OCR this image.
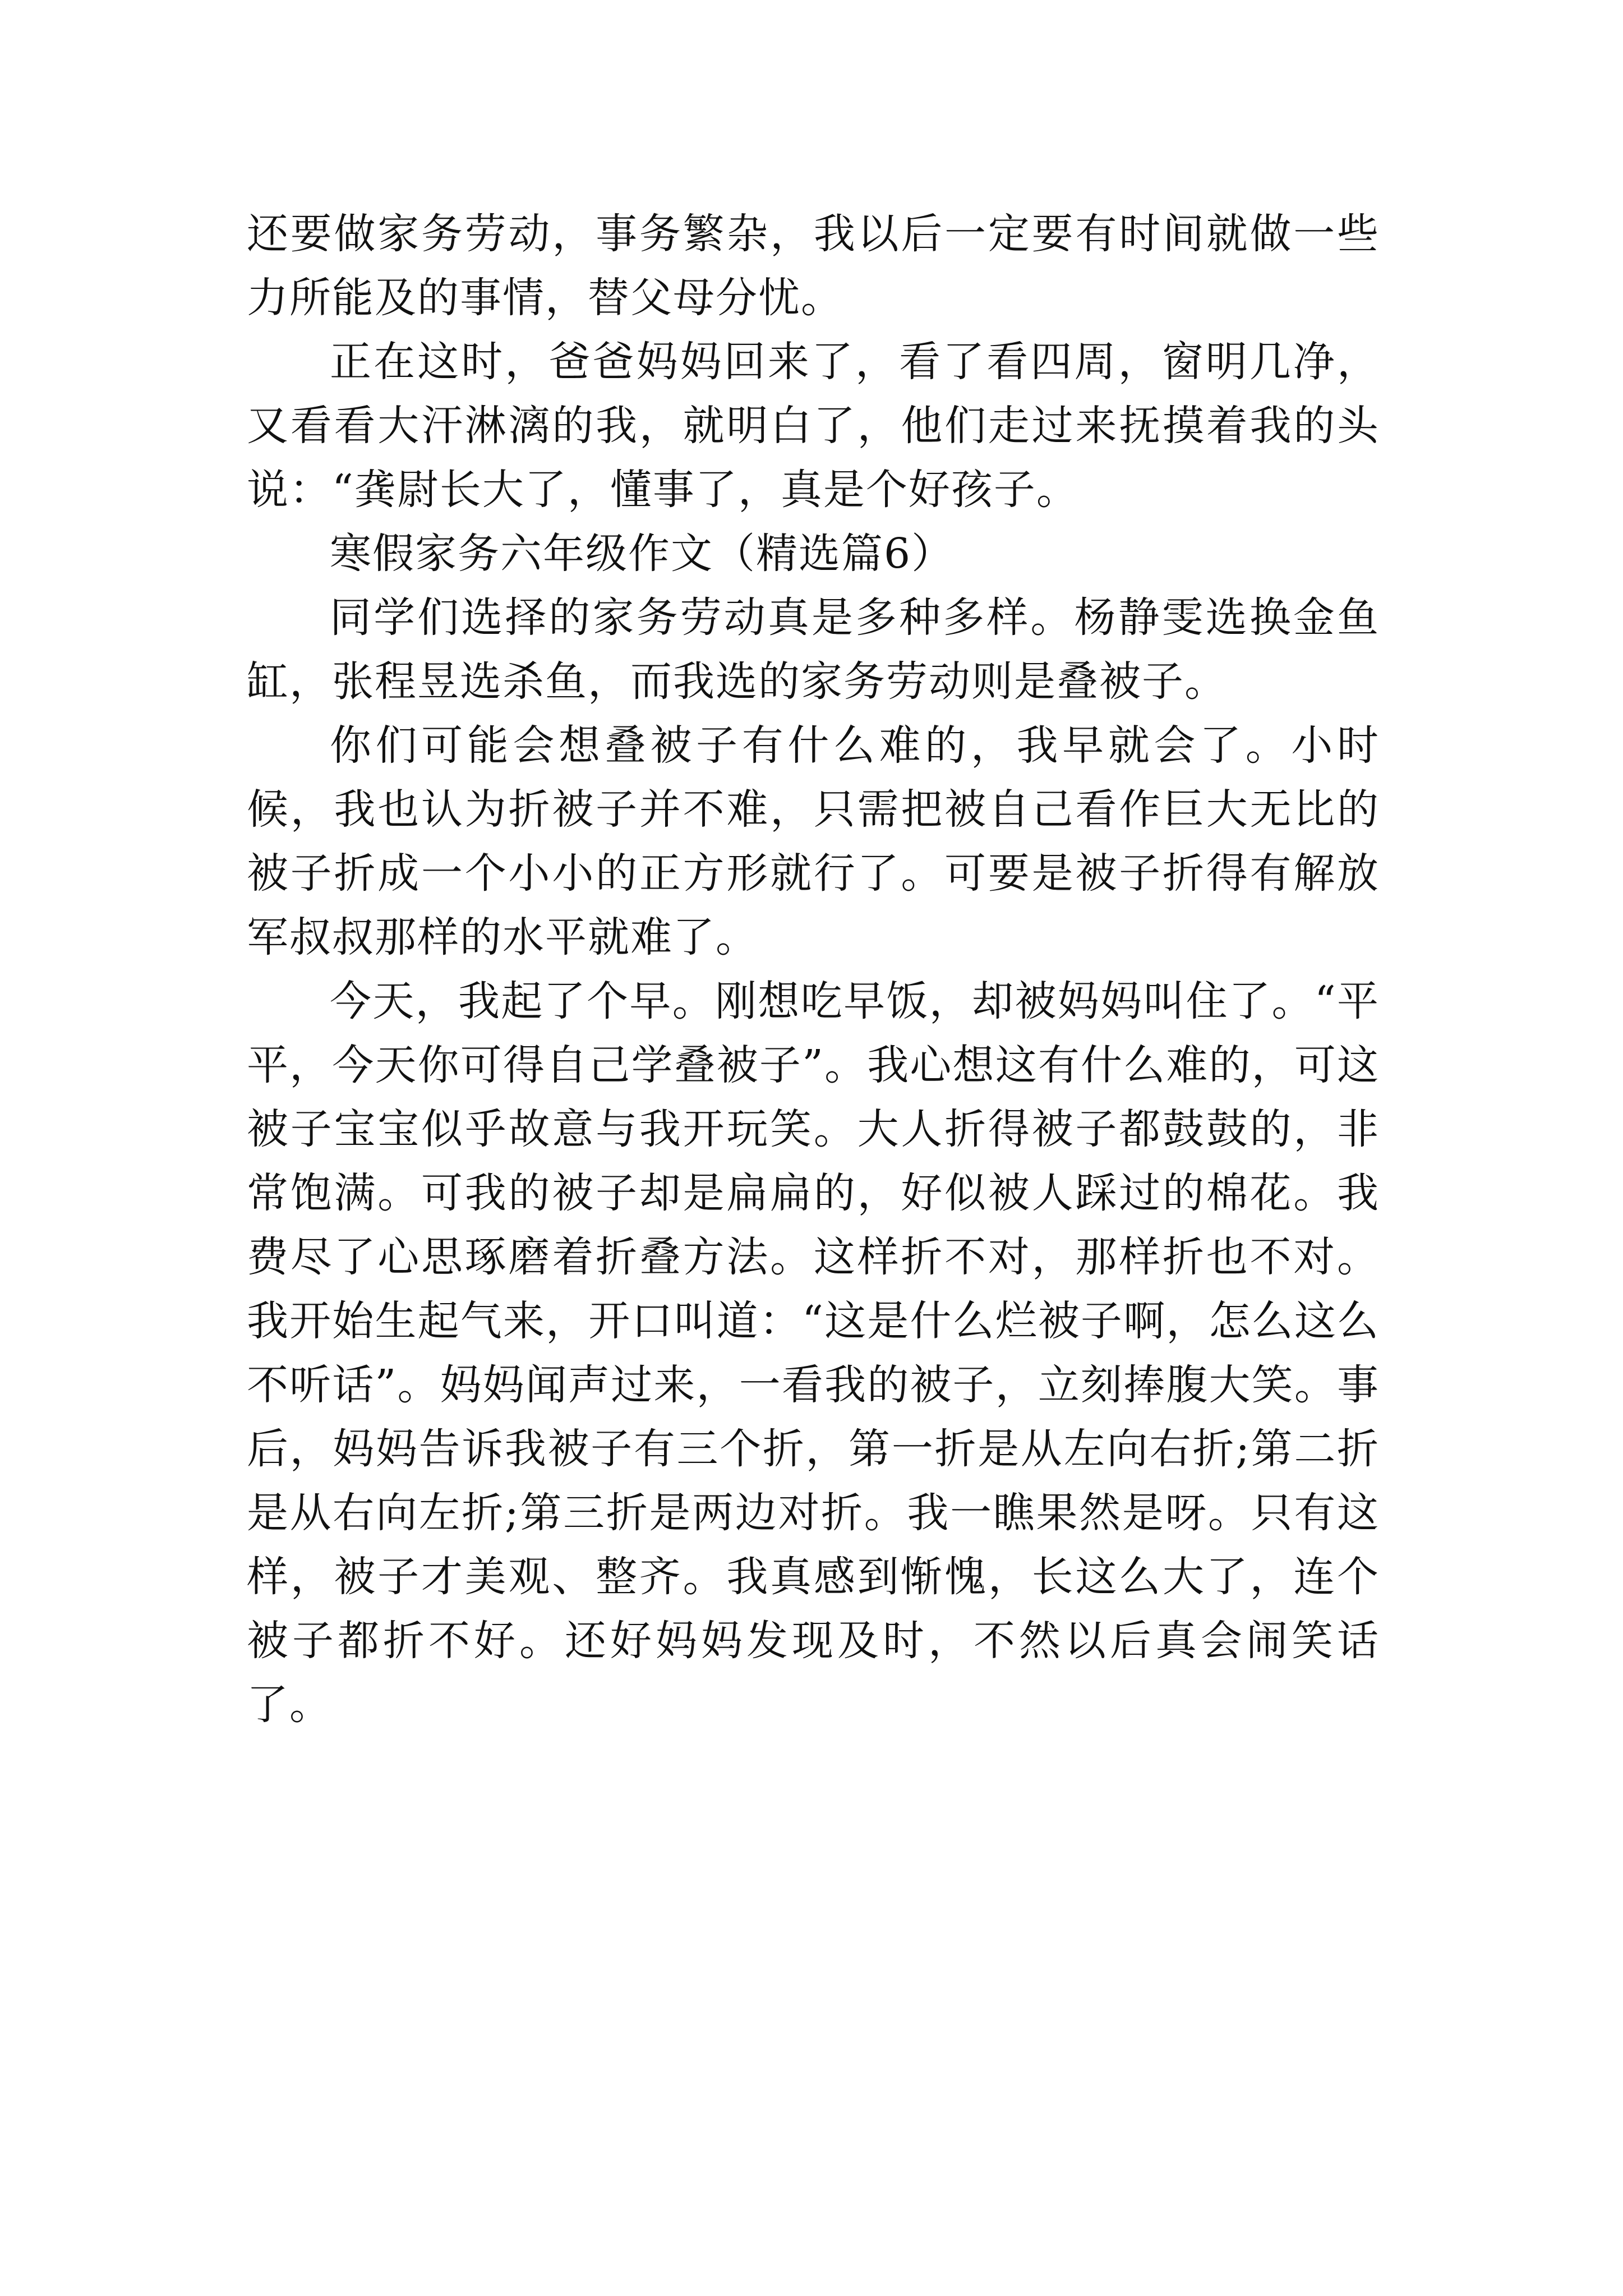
还要做家务劳动，事务繁杂，我以后一定要有时间就做一些力所能及的事情，替父母分忧。

正在这时，爸爸妈妈回来了，看了看四周，窗明几净，又看看大汗淋漓的我，就明白了，他们走过来抚摸着我的头说：“龚尉长大了，懂事了，真是个好孩子。

寒假家务六年级作文（精选篇6）

同学们选择的家务劳动真是多种多样。杨静雯选换金鱼缸，张程昱选杀鱼，而我选的家务劳动则是叠被子。

你们可能会想叠被子有什么难的，我早就会了。小时候，我也认为折被子并不难，只需把被自己看作巨大无比的被子折成一个小小的正方形就行了。可要是被子折得有解放军叔叔那样的水平就难了。

今天，我起了个早。刚想吃早饭，却被妈妈叫住了。“平平，今天你可得自己学叠被子”。我心想这有什么难的，可这被子宝宝似乎故意与我开玩笑。大人折得被子都鼓鼓的，非常饱满。可我的被子却是扁扁的，好似被人踩过的棉花。我费尽了心思琢磨着折叠方法。这样折不对，那样折也不对。我开始生起气来，开口叫道：“这是什么烂被子啊，怎么这么不听话”。妈妈闻声过来，一看我的被子，立刻捧腹大笑。事后，妈妈告诉我被子有三个折，第一折是从左向右折;第二折是从右向左折;第三折是两边对折。我一瞧果然是呀。只有这样，被子才美观、整齐。我真感到惭愧，长这么大了，连个被子都折不好。还好妈妈发现及时，不然以后真会闹笑话了。
